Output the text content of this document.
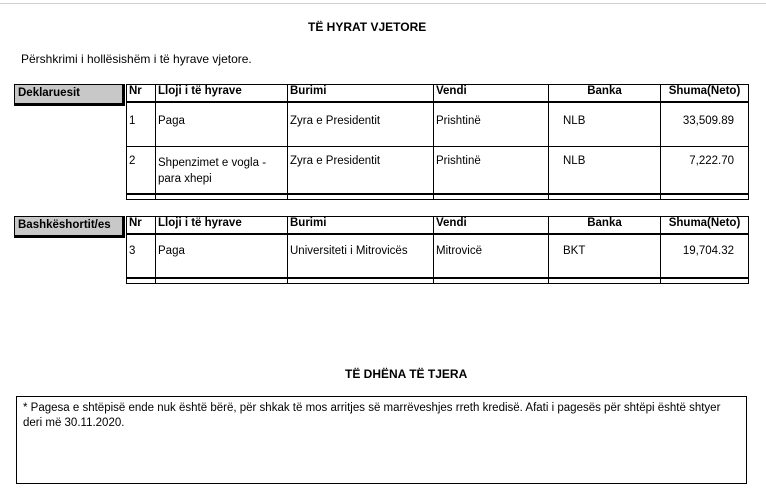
TË HYRAT VJETORE
Përshkrimi i hollësishëm i të hyrave vjetore.
Deklaruesit	Nr	Lloji i të hyrave	Burimi	Vendi	Banka	Shuma(Neto)
1	Paga	Zyra e Presidentit	Prishtinë	NLB	33,509.89
2	Shpenzimet e vogla - para xhepi	Zyra e Presidentit	Prishtinë	NLB	7,222.70

Bashkëshortit/es	Nr	Lloji i të hyrave	Burimi	Vendi	Banka	Shuma(Neto)
3	Paga	Universiteti i Mitrovicës	Mitrovicë	BKT	19,704.32

TË DHËNA TË TJERA
* Pagesa e shtëpisë ende nuk është bërë, për shkak të mos arritjes së marrëveshjes rreth kredisë. Afati i pagesës për shtëpi është shtyer deri më 30.11.2020.
